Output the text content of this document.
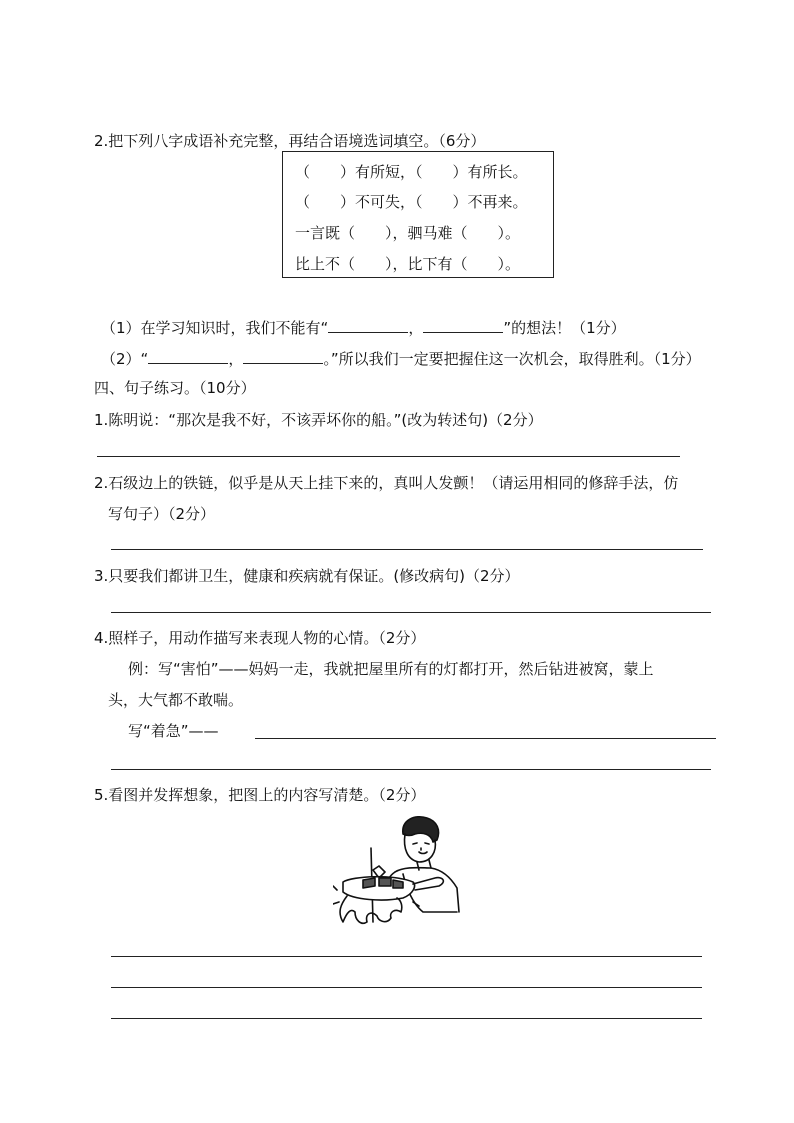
2.把下列八字成语补充完整，再结合语境选词填空。（6分）
（　　）有所短，（　　）有所长。
（　　）不可失，（　　）不再来。
一言既（　　），驷马难（　　）。
比上不（　　），比下有（　　）。
（1）在学习知识时，我们不能有“	，	”的想法！（1分）
（2）“	，	。”所以我们一定要把握住这一次机会，取得胜利。（1分）
四、句子练习。（10分）
1.陈明说：“那次是我不好，不该弄坏你的船。”(改为转述句)（2分）
2.石级边上的铁链，似乎是从天上挂下来的，真叫人发颤！（请运用相同的修辞手法，仿
写句子）（2分）
3.只要我们都讲卫生，健康和疾病就有保证。(修改病句)（2分）
4.照样子，用动作描写来表现人物的心情。（2分）
例：写“害怕”——妈妈一走，我就把屋里所有的灯都打开，然后钻进被窝，蒙上
头，大气都不敢喘。
写“着急”——
5.看图并发挥想象，把图上的内容写清楚。（2分）
